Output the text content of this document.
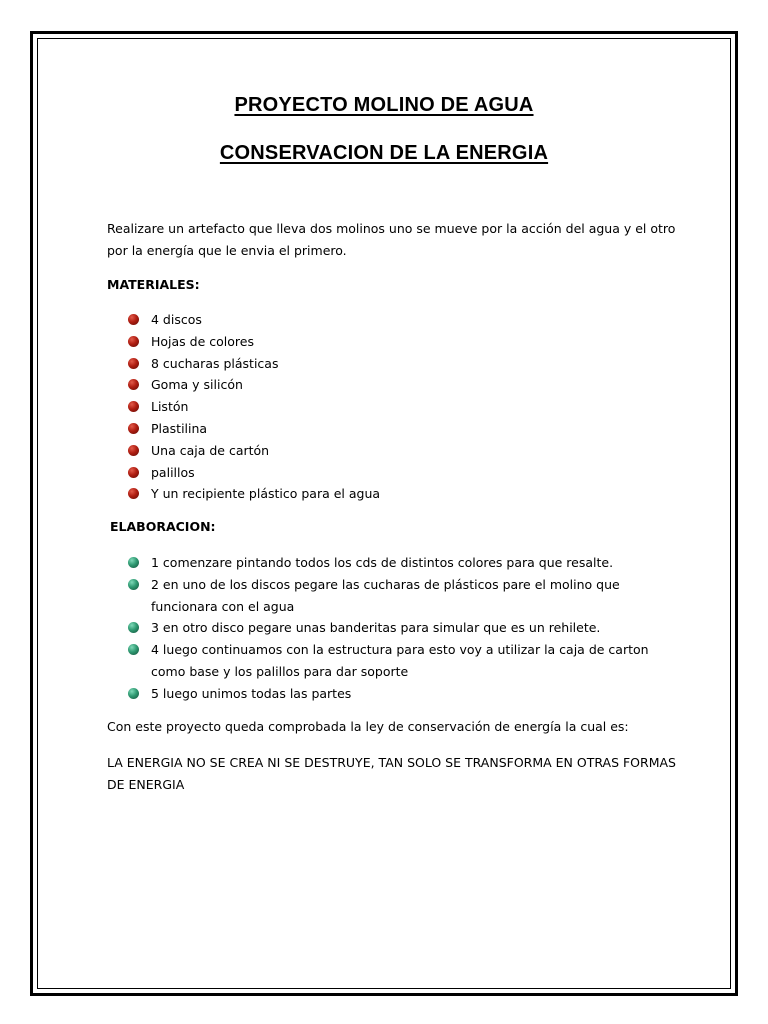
PROYECTO MOLINO DE AGUA
CONSERVACION DE LA ENERGIA

Realizare un artefacto que lleva dos molinos uno se mueve por la acción del agua y el otro por la energía que le envia el primero.

MATERIALES:

4 discos
Hojas de colores
8 cucharas plásticas
Goma y silicón
Listón
Plastilina
Una caja de cartón
palillos
Y un recipiente plástico para el agua

ELABORACION:

1 comenzare pintando todos los cds de distintos colores para que resalte.
2 en uno de los discos pegare las cucharas de plásticos pare el molino que funcionara con el agua
3 en otro disco pegare unas banderitas para simular que es un rehilete.
4 luego continuamos con la estructura para esto voy a utilizar la caja de carton como base y los palillos para dar soporte
5 luego unimos todas las partes

Con este proyecto queda comprobada la ley de conservación de energía la cual es:

LA ENERGIA NO SE CREA NI SE DESTRUYE, TAN SOLO SE TRANSFORMA EN OTRAS FORMAS DE ENERGIA
